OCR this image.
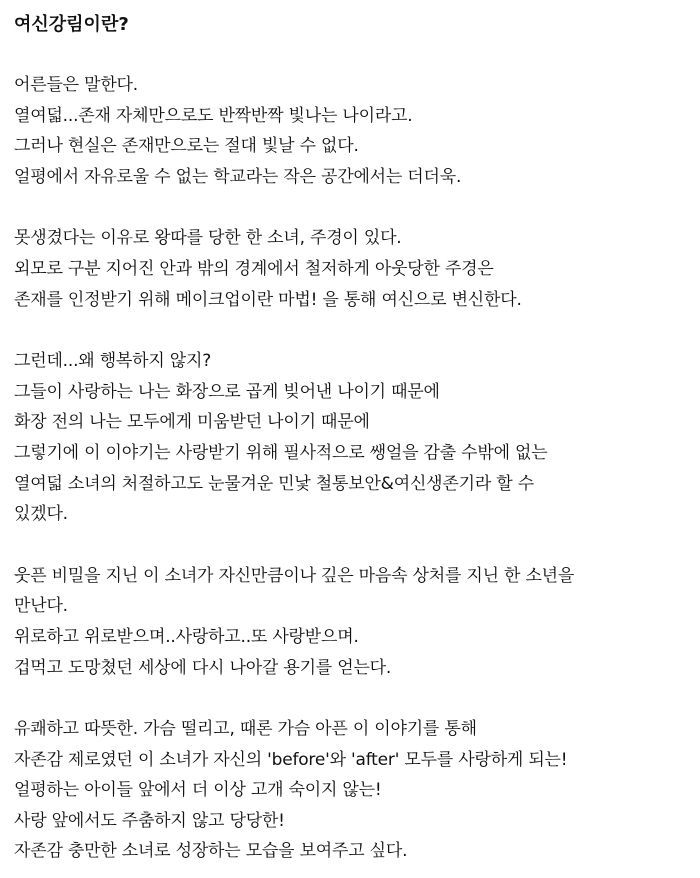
여신강림이란?
어른들은 말한다.
열여덟...존재 자체만으로도 반짝반짝 빛나는 나이라고.
그러나 현실은 존재만으로는 절대 빛날 수 없다.
얼평에서 자유로울 수 없는 학교라는 작은 공간에서는 더더욱.
못생겼다는 이유로 왕따를 당한 한 소녀, 주경이 있다.
외모로 구분 지어진 안과 밖의 경계에서 철저하게 아웃당한 주경은
존재를 인정받기 위해 메이크업이란 마법! 을 통해 여신으로 변신한다.
그런데...왜 행복하지 않지?
그들이 사랑하는 나는 화장으로 곱게 빚어낸 나이기 때문에
화장 전의 나는 모두에게 미움받던 나이기 때문에
그렇기에 이 이야기는 사랑받기 위해 필사적으로 쌩얼을 감출 수밖에 없는
열여덟 소녀의 처절하고도 눈물겨운 민낯 철통보안&여신생존기라 할 수
있겠다.
웃픈 비밀을 지닌 이 소녀가 자신만큼이나 깊은 마음속 상처를 지닌 한 소년을
만난다.
위로하고 위로받으며..사랑하고..또 사랑받으며.
겁먹고 도망쳤던 세상에 다시 나아갈 용기를 얻는다.
유쾌하고 따뜻한. 가슴 떨리고, 때론 가슴 아픈 이 이야기를 통해
자존감 제로였던 이 소녀가 자신의 'before'와 'after' 모두를 사랑하게 되는!
얼평하는 아이들 앞에서 더 이상 고개 숙이지 않는!
사랑 앞에서도 주춤하지 않고 당당한!
자존감 충만한 소녀로 성장하는 모습을 보여주고 싶다.
